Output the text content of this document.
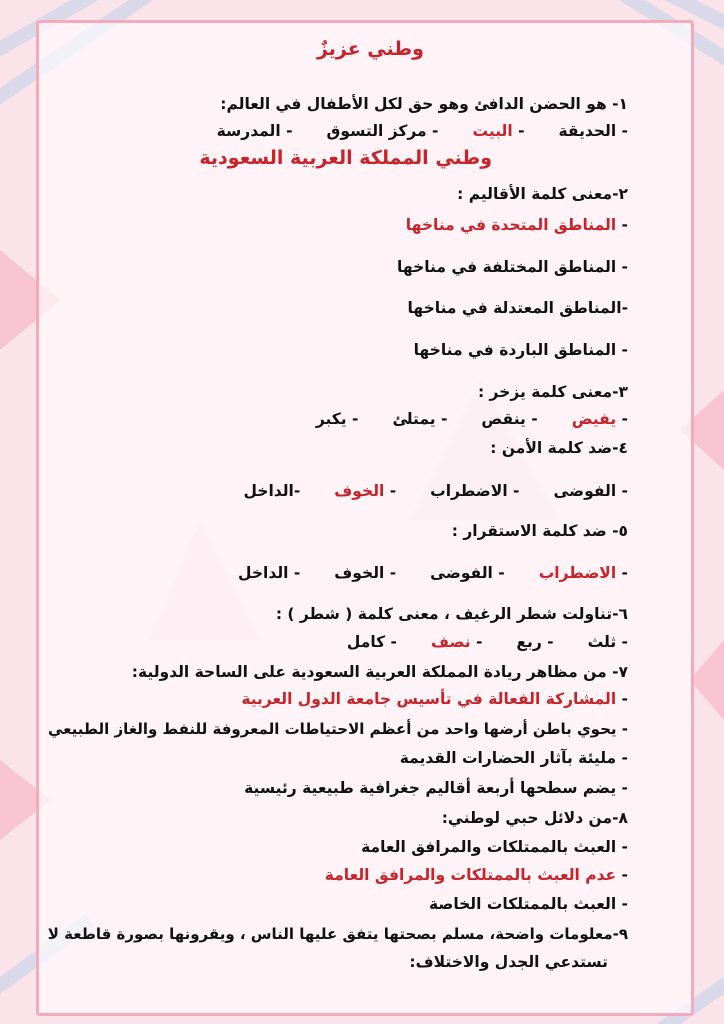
وطني عزيزٌ
١- هو الحضن الدافئ وهو حق لكل الأطفال في العالم:
- الحديقة- البيت- مركز التسوق- المدرسة
وطني المملكة العربية السعودية
٢-معنى كلمة الأقاليم :
- المناطق المتحدة في مناخها
- المناطق المختلفة في مناخها
-المناطق المعتدلة في مناخها
- المناطق الباردة في مناخها
٣-معنى كلمة يزخر :
- يفيض- ينقص- يمتلئ- يكبر
٤-ضد كلمة الأمن :
- الفوضى- الاضطراب- الخوف-الداخل
٥- ضد كلمة الاستقرار :
- الاضطراب- الفوضى- الخوف- الداخل
٦-تناولت شطر الرغيف ، معنى كلمة ( شطر ) :
- ثلث- ربع- نصف- كامل
٧- من مظاهر ريادة المملكة العربية السعودية على الساحة الدولية:
- المشاركة الفعالة في تأسيس جامعة الدول العربية
- يحوي باطن أرضها واحد من أعظم الاحتياطات المعروفة للنفط والغاز الطبيعي
- مليئة بآثار الحضارات القديمة
- يضم سطحها أربعة أقاليم جغرافية طبيعية رئيسية
٨-من دلائل حبي لوطني:
- العبث بالممتلكات والمرافق العامة
- عدم العبث بالممتلكات والمرافق العامة
- العبث بالممتلكات الخاصة
٩-معلومات واضحة، مسلم بصحتها يتفق عليها الناس ، ويقرونها بصورة قاطعة لا
تستدعي الجدل والاختلاف:
